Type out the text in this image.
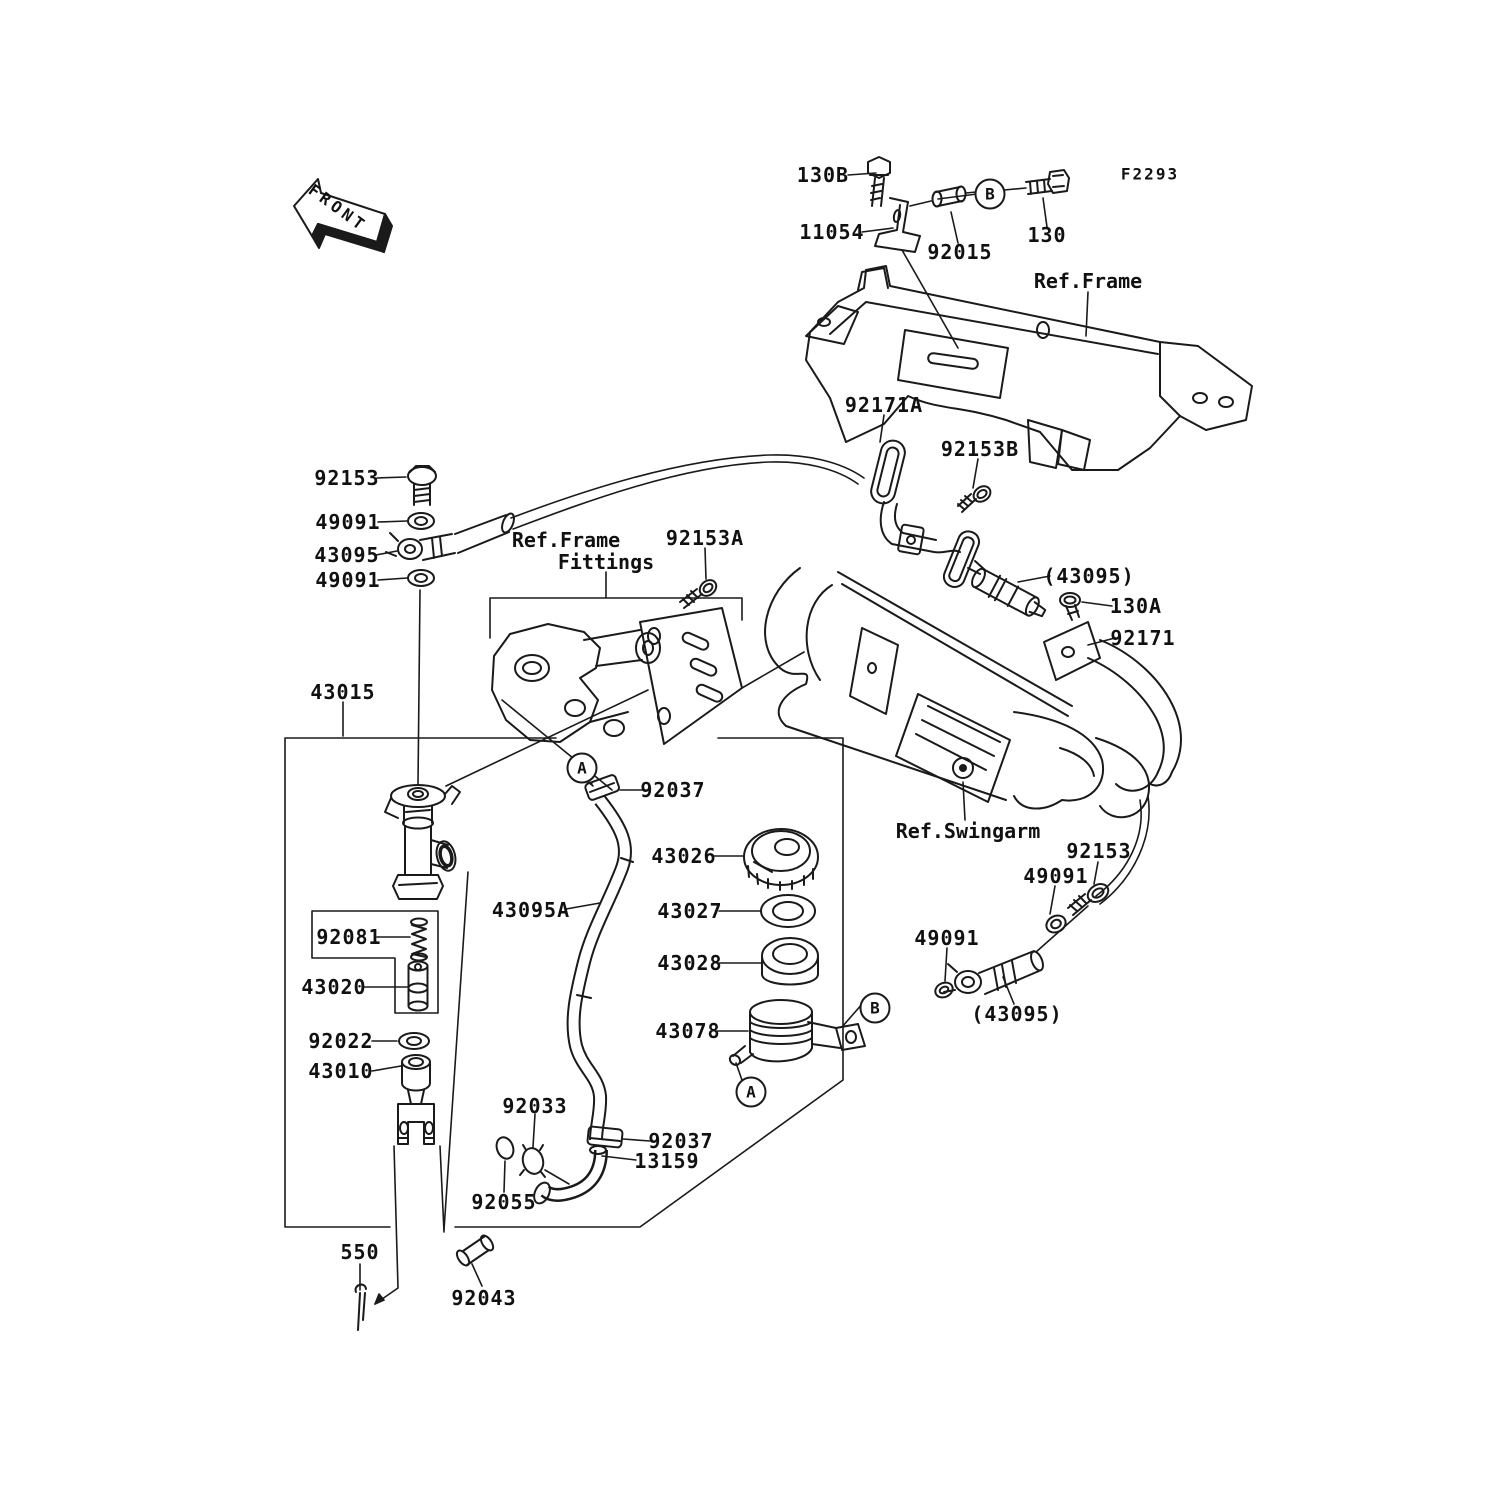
F2293
FRONT
130B
11054
92015
130
Ref.Frame
92171A
92153B
92153
49091
43095
49091
Ref.Frame
Fittings
92153A
(43095)
130A
92171
43015
92037
43026
43027
43028
43078
43095A
92081
43020
92022
43010
92033
92055
92037
13159
550
92043
Ref.Swingarm
92153
49091
49091
(43095)
B
A
B
A
